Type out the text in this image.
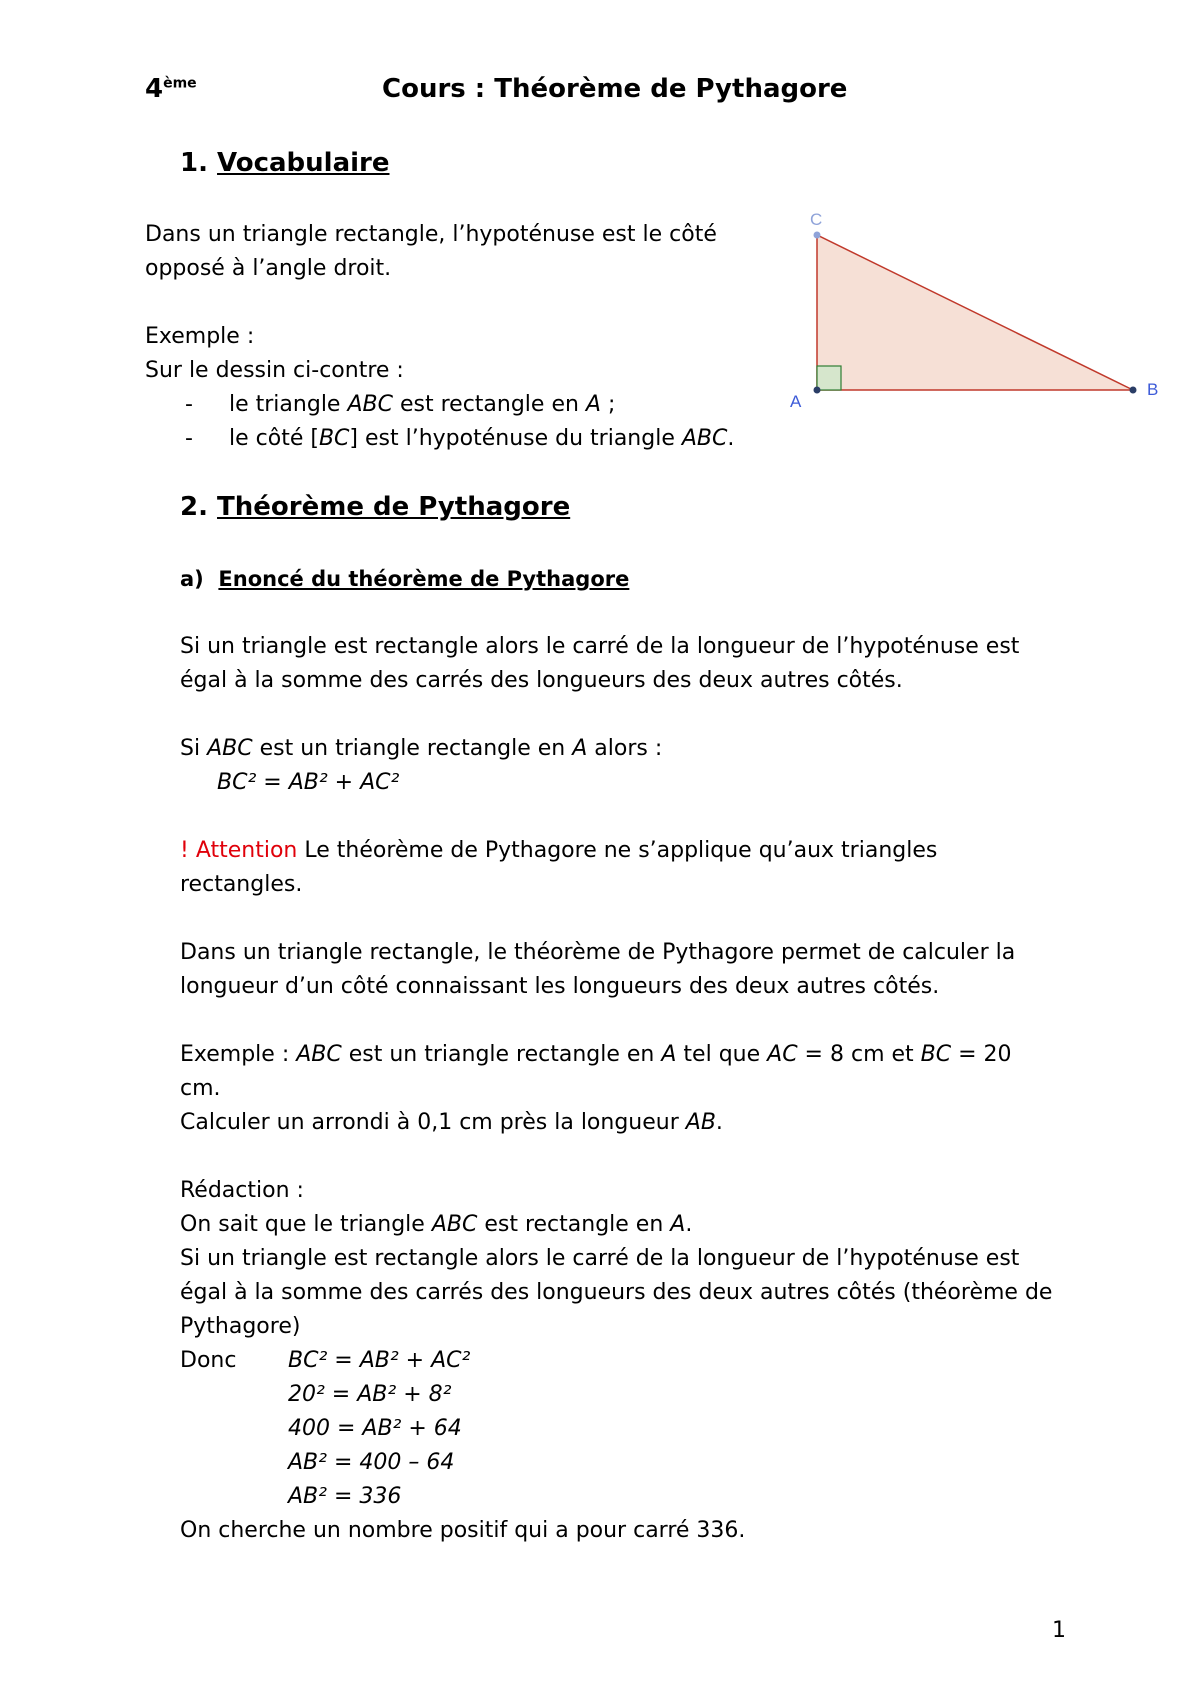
4ème	Cours : Théorème de Pythagore
1. Vocabulaire
Dans un triangle rectangle, l’hypoténuse est le côté
opposé à l’angle droit.
Exemple :
Sur le dessin ci-contre :
- le triangle ABC est rectangle en A ;
- le côté [BC] est l’hypoténuse du triangle ABC.
A
B
C
2. Théorème de Pythagore
a) Enoncé du théorème de Pythagore
Si un triangle est rectangle alors le carré de la longueur de l’hypoténuse est
égal à la somme des carrés des longueurs des deux autres côtés.
Si ABC est un triangle rectangle en A alors :
BC² = AB² + AC²
! Attention Le théorème de Pythagore ne s’applique qu’aux triangles
rectangles.
Dans un triangle rectangle, le théorème de Pythagore permet de calculer la
longueur d’un côté connaissant les longueurs des deux autres côtés.
Exemple : ABC est un triangle rectangle en A tel que AC = 8 cm et BC = 20
cm.
Calculer un arrondi à 0,1 cm près la longueur AB.
Rédaction :
On sait que le triangle ABC est rectangle en A.
Si un triangle est rectangle alors le carré de la longueur de l’hypoténuse est
égal à la somme des carrés des longueurs des deux autres côtés (théorème de
Pythagore)
Donc BC² = AB² + AC²
20² = AB² + 8²
400 = AB² + 64
AB² = 400 – 64
AB² = 336
On cherche un nombre positif qui a pour carré 336.
1
